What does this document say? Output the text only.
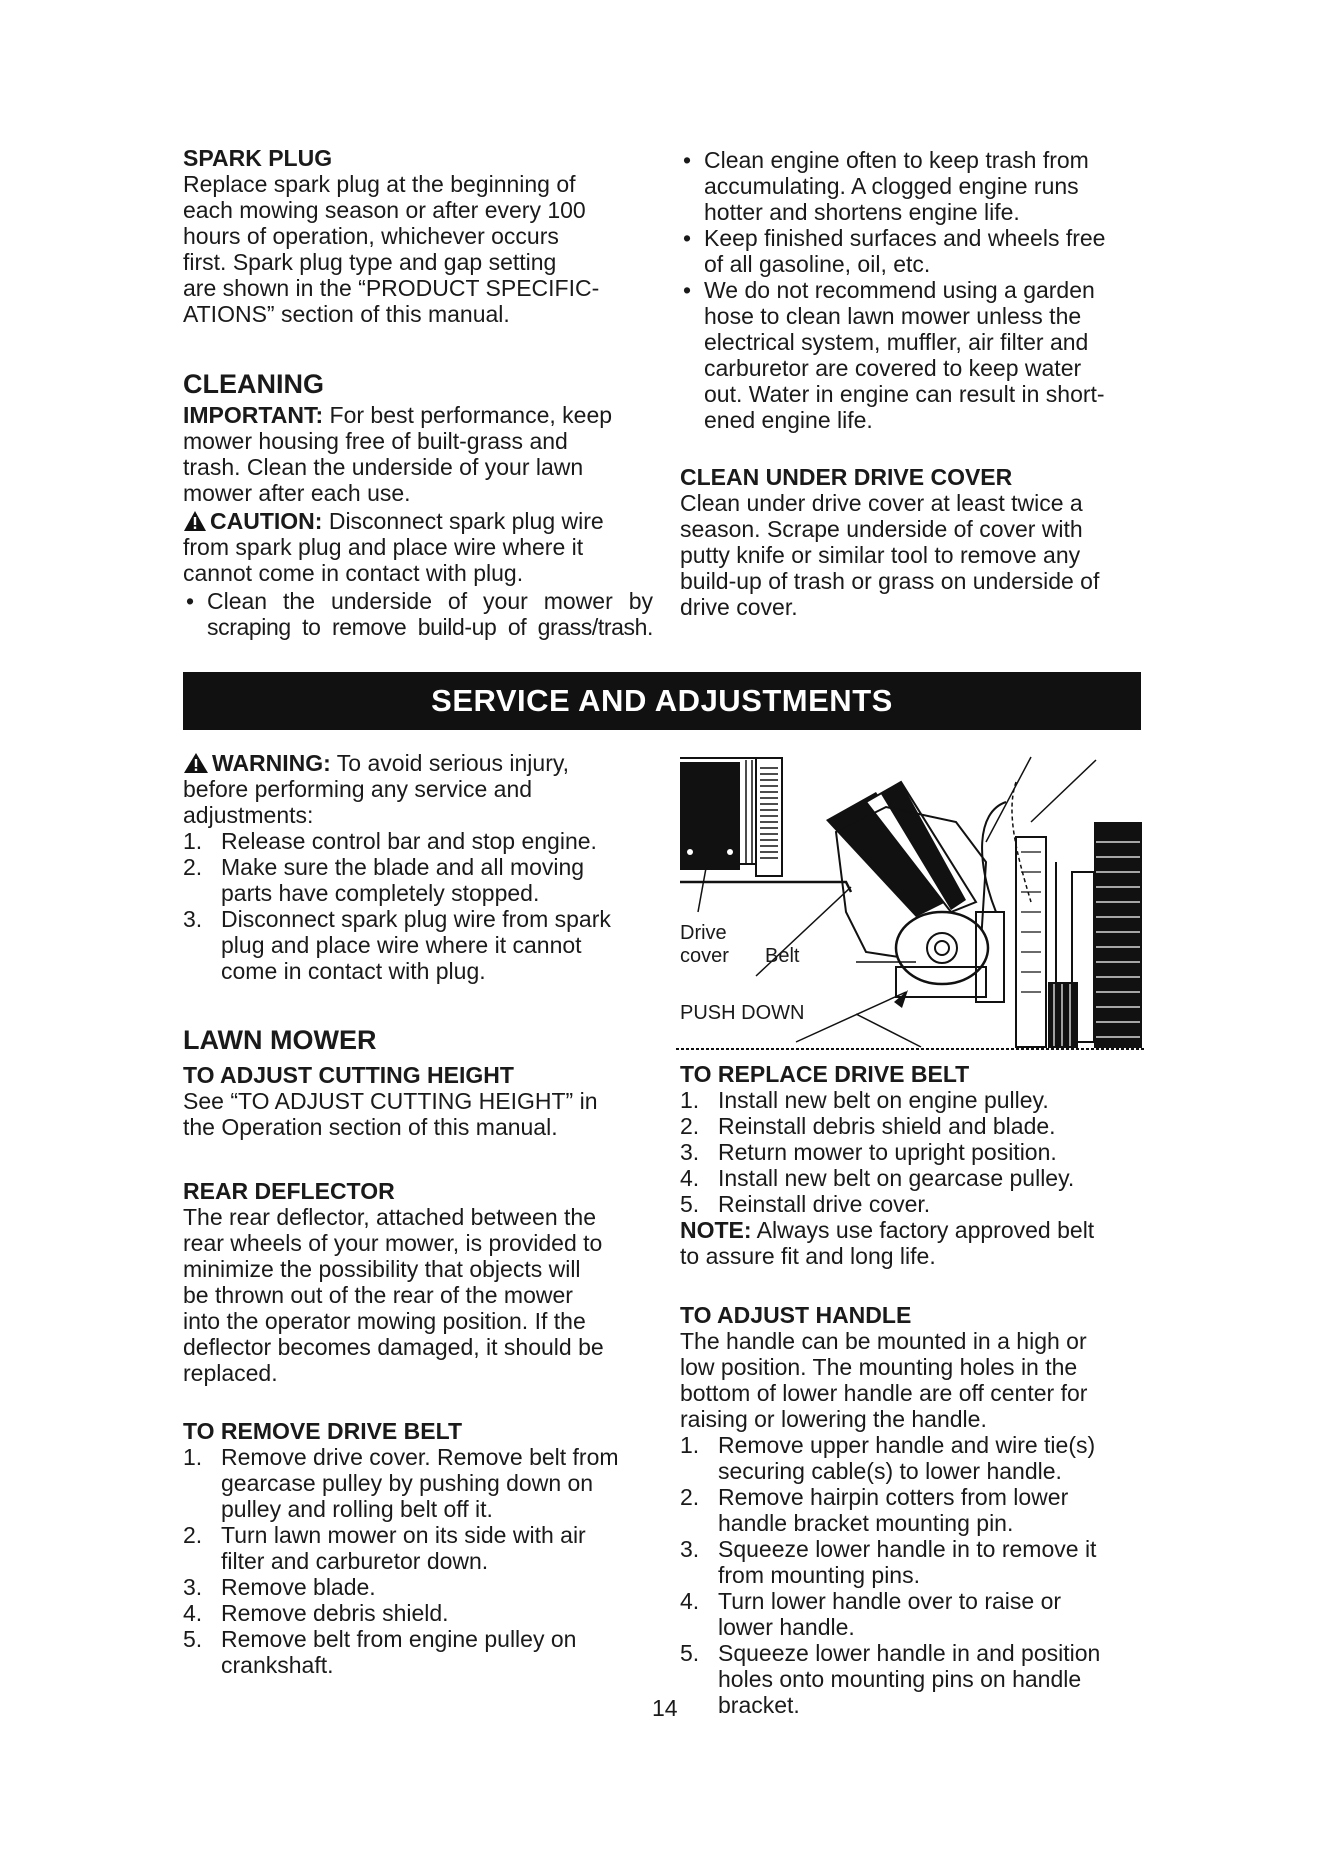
SPARK PLUG

Replace spark plug at the beginning of
each mowing season or after every 100
hours of operation, whichever occurs
first. Spark plug type and gap setting
are shown in the “PRODUCT SPECIFIC-
ATIONS” section of this manual.

CLEANING

IMPORTANT: For best performance, keep
mower housing free of built-grass and
trash. Clean the underside of your lawn
mower after each use.

CAUTION: Disconnect spark plug wire
from spark plug and place wire where it
cannot come in contact with plug.

• Clean the underside of your mower by
scraping to remove build-up of grass/trash.
• Clean engine often to keep trash from
accumulating. A clogged engine runs
hotter and shortens engine life.
• Keep finished surfaces and wheels free
of all gasoline, oil, etc.
• We do not recommend using a garden
hose to clean lawn mower unless the
electrical system, muffler, air filter and
carburetor are covered to keep water
out. Water in engine can result in short-
ened engine life.
CLEAN UNDER DRIVE COVER

Clean under drive cover at least twice a
season. Scrape underside of cover with
putty knife or similar tool to remove any
build-up of trash or grass on underside of
drive cover.

SERVICE AND ADJUSTMENTS

WARNING: To avoid serious injury,
before performing any service and
adjustments:

1. Release control bar and stop engine.
2. Make sure the blade and all moving
parts have completely stopped.
3. Disconnect spark plug wire from spark
plug and place wire where it cannot
come in contact with plug.
LAWN MOWER
TO ADJUST CUTTING HEIGHT

See “TO ADJUST CUTTING HEIGHT” in
the Operation section of this manual.

REAR DEFLECTOR

The rear deflector, attached between the
rear wheels of your mower, is provided to
minimize the possibility that objects will
be thrown out of the rear of the mower
into the operator mowing position. If the
deflector becomes damaged, it should be
replaced.

TO REMOVE DRIVE BELT
1. Remove drive cover. Remove belt from
gearcase pulley by pushing down on
pulley and rolling belt off it.
2. Turn lawn mower on its side with air
filter and carburetor down.
3. Remove blade.
4. Remove debris shield.
5. Remove belt from engine pulley on
crankshaft.
Drive
cover Belt
PUSH DOWN
TO REPLACE DRIVE BELT
1. Install new belt on engine pulley.
2. Reinstall debris shield and blade.
3. Return mower to upright position.
4. Install new belt on gearcase pulley.
5. Reinstall drive cover.

NOTE: Always use factory approved belt
to assure fit and long life.

TO ADJUST HANDLE

The handle can be mounted in a high or
low position. The mounting holes in the
bottom of lower handle are off center for
raising or lowering the handle.

1. Remove upper handle and wire tie(s)
securing cable(s) to lower handle.
2. Remove hairpin cotters from lower
handle bracket mounting pin.
3. Squeeze lower handle in to remove it
from mounting pins.
4. Turn lower handle over to raise or
lower handle.
5. Squeeze lower handle in and position
holes onto mounting pins on handle
bracket.
14
